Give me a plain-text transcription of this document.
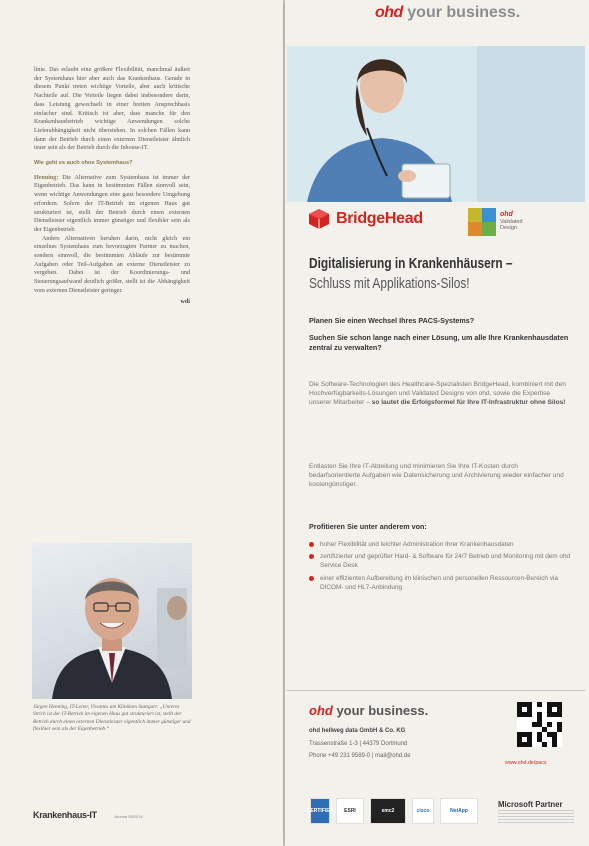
linie. Das erlaubt eine größere Flexibilität, manchmal äußert der Systemhaus hier aber auch das Krankenhaus. Gerade in diesem Punkt treten wichtige Vorteile, aber auch kritische Nachteile auf. Die Vorteile liegen dabei insbesondere darin, dass Leistung gewechselt in einer breiten Ansprechbasis einfacher sind. Kritisch ist aber, dass manche für den Krankenhausbetrieb wichtige Anwendungen solche Lieferabhängigkeit nicht überstehen. In solchen Fällen kann dann der Betrieb durch einen externen Dienstleister ähnlich teuer sein als der Betrieb durch die Inhouse-IT.

Wie geht es auch ohne Systemhaus?

Henning: Die Alternative zum Systemhaus ist immer der Eigenbetrieb. Das kann in bestimmten Fällen sinnvoll sein, wenn wichtige Anwendungen eine ganz besondere Umgebung erfordern. Sofern der IT-Betrieb im eigenen Haus gut strukturiert ist, stellt der Betrieb durch einen externen Dienstleister eigentlich immer günstiger und flexibler sein als der Eigenbetrieb.

Anders Alternativen beruhen darin, nicht gleich ein einzelnes Systemhaus zum bevorzugten Partner zu machen, sondern sinnvoll, die bestimmten Abläufe zur bestimmte Aufgaben oder Teil-Aufgaben an externe Dienstleister zu vergeben. Dabei ist der Koordinierungs- und Steuerungsaufwand deutlich größer, stellt ist die Abhängigkeit vom externen Dienstleister geringer.

wdi

Jürgen Henning, IT-Leiter, Vivantes am Klinikum Stuttgart: „Unterm Strich ist der IT-Betrieb im eigenen Haus gut strukturiert ist, stellt der Betrieb durch einen externen Dienstleister eigentlich immer günstiger und flexibler sein als der Eigenbetrieb.“
Krankenhaus-IT	Journal 05/2016
ohd your business.
BridgeHead	ohd
Validated
Design
Digitalisierung in Krankenhäusern –
Schluss mit Applikations-Silos!
Planen Sie einen Wechsel Ihres PACS-Systems?
Suchen Sie schon lange nach einer Lösung, um alle Ihre Krankenhausdaten zentral zu verwalten?
Die Software-Technologien des Healthcare-Spezialisten BridgeHead, kombiniert mit den Hochverfügbarkeits-Lösungen und Validated Designs von ohd, sowie die Expertise unserer Mitarbeiter – so lautet die Erfolgsformel für Ihre IT-Infrastruktur ohne Silos!
Entlasten Sie Ihre IT-Abteilung und minimieren Sie Ihre IT-Kosten durch bedarfsorientierte Aufgaben wie Datensicherung und Archivierung wieder einfacher und kostengünstiger.
Profitieren Sie unter anderem von:
hoher Flexibilität und leichter Administration Ihrer Krankenhausdaten
zertifizierter und geprüfter Hard- & Software für 24/7 Betrieb und Monitoring mit dem ohd Service Desk
einer effizienten Aufbereitung im klinischen und personellen Ressourcen-Bereich via DICOM- und HL7-Anbindung
ohd your business.
ohd hellweg data GmbH & Co. KG
Trassenstraße 1-3 | 44379 Dortmund
Phone +49 231 9589-0 | mail@ohd.de
www.ohd.de/pacs
CERTIFIED	ESRI	emc2	cisco	NetApp
Microsoft Partner
